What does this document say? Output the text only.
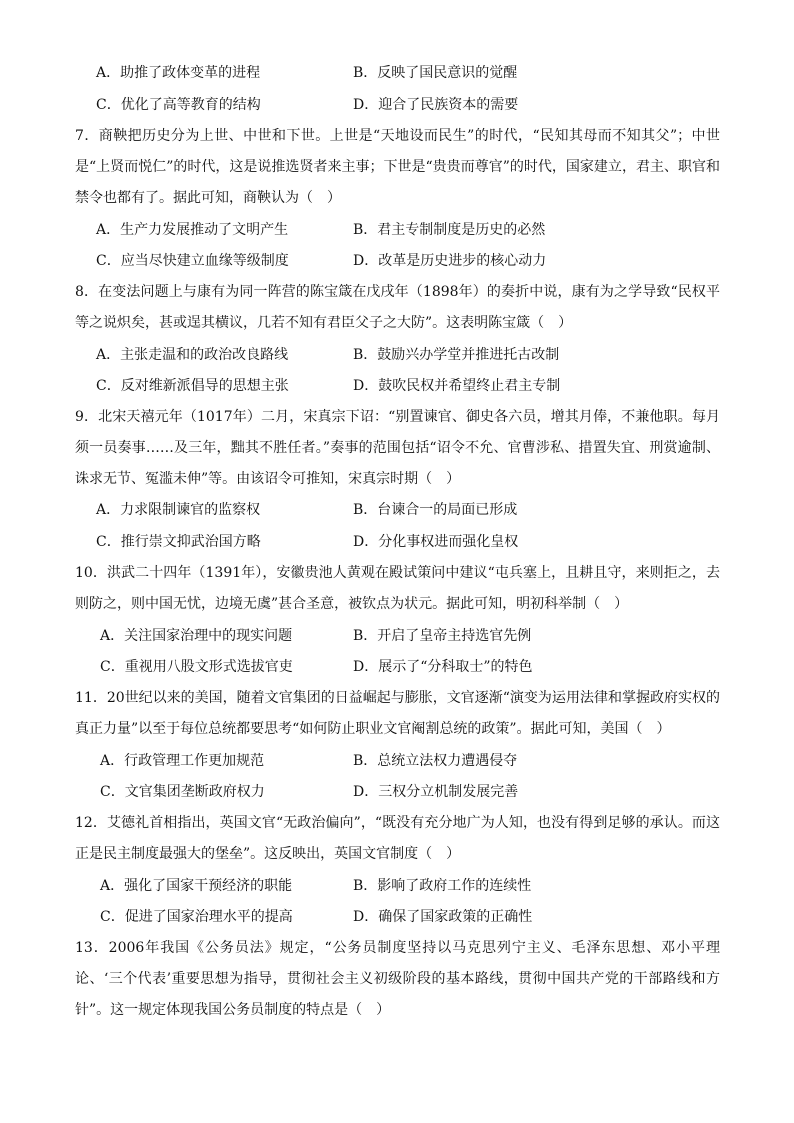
A．助推了政体变革的进程	B．反映了国民意识的觉醒
C．优化了高等教育的结构	D．迎合了民族资本的需要
7．商鞅把历史分为上世、中世和下世。上世是“天地设而民生”的时代，“民知其母而不知其父”；中世是“上贤而悦仁”的时代，这是说推选贤者来主事；下世是“贵贵而尊官”的时代，国家建立，君主、职官和禁令也都有了。据此可知，商鞅认为（　）
A．生产力发展推动了文明产生	B．君主专制制度是历史的必然
C．应当尽快建立血缘等级制度	D．改革是历史进步的核心动力
8．在变法问题上与康有为同一阵营的陈宝箴在戊戌年（1898年）的奏折中说，康有为之学导致“民权平等之说炽矣，甚或逞其横议，几若不知有君臣父子之大防”。这表明陈宝箴（　）
A．主张走温和的政治改良路线	B．鼓励兴办学堂并推进托古改制
C．反对维新派倡导的思想主张	D．鼓吹民权并希望终止君主专制
9．北宋天禧元年（1017年）二月，宋真宗下诏：“别置谏官、御史各六员，增其月俸，不兼他职。每月须一员奏事……及三年，黜其不胜任者。”奏事的范围包括“诏令不允、官曹涉私、措置失宜、刑赏逾制、诛求无节、冤滥未伸”等。由该诏令可推知，宋真宗时期（　）
A．力求限制谏官的监察权	B．台谏合一的局面已形成
C．推行崇文抑武治国方略	D．分化事权进而强化皇权
10．洪武二十四年（1391年），安徽贵池人黄观在殿试策问中建议“屯兵塞上，且耕且守，来则拒之，去则防之，则中国无忧，边境无虞”甚合圣意，被钦点为状元。据此可知，明初科举制（　）
A．关注国家治理中的现实问题	B．开启了皇帝主持选官先例
C．重视用八股文形式选拔官吏	D．展示了“分科取士”的特色
11．20世纪以来的美国，随着文官集团的日益崛起与膨胀，文官逐渐“演变为运用法律和掌握政府实权的真正力量”以至于每位总统都要思考“如何防止职业文官阉割总统的政策”。据此可知，美国（　）
A．行政管理工作更加规范	B．总统立法权力遭遇侵夺
C．文官集团垄断政府权力	D．三权分立机制发展完善
12．艾德礼首相指出，英国文官“无政治偏向”，“既没有充分地广为人知，也没有得到足够的承认。而这正是民主制度最强大的堡垒”。这反映出，英国文官制度（　）
A．强化了国家干预经济的职能	B．影响了政府工作的连续性
C．促进了国家治理水平的提高	D．确保了国家政策的正确性
13．2006年我国《公务员法》规定，“公务员制度坚持以马克思列宁主义、毛泽东思想、邓小平理论、‘三个代表’重要思想为指导，贯彻社会主义初级阶段的基本路线，贯彻中国共产党的干部路线和方针”。这一规定体现我国公务员制度的特点是（　）
